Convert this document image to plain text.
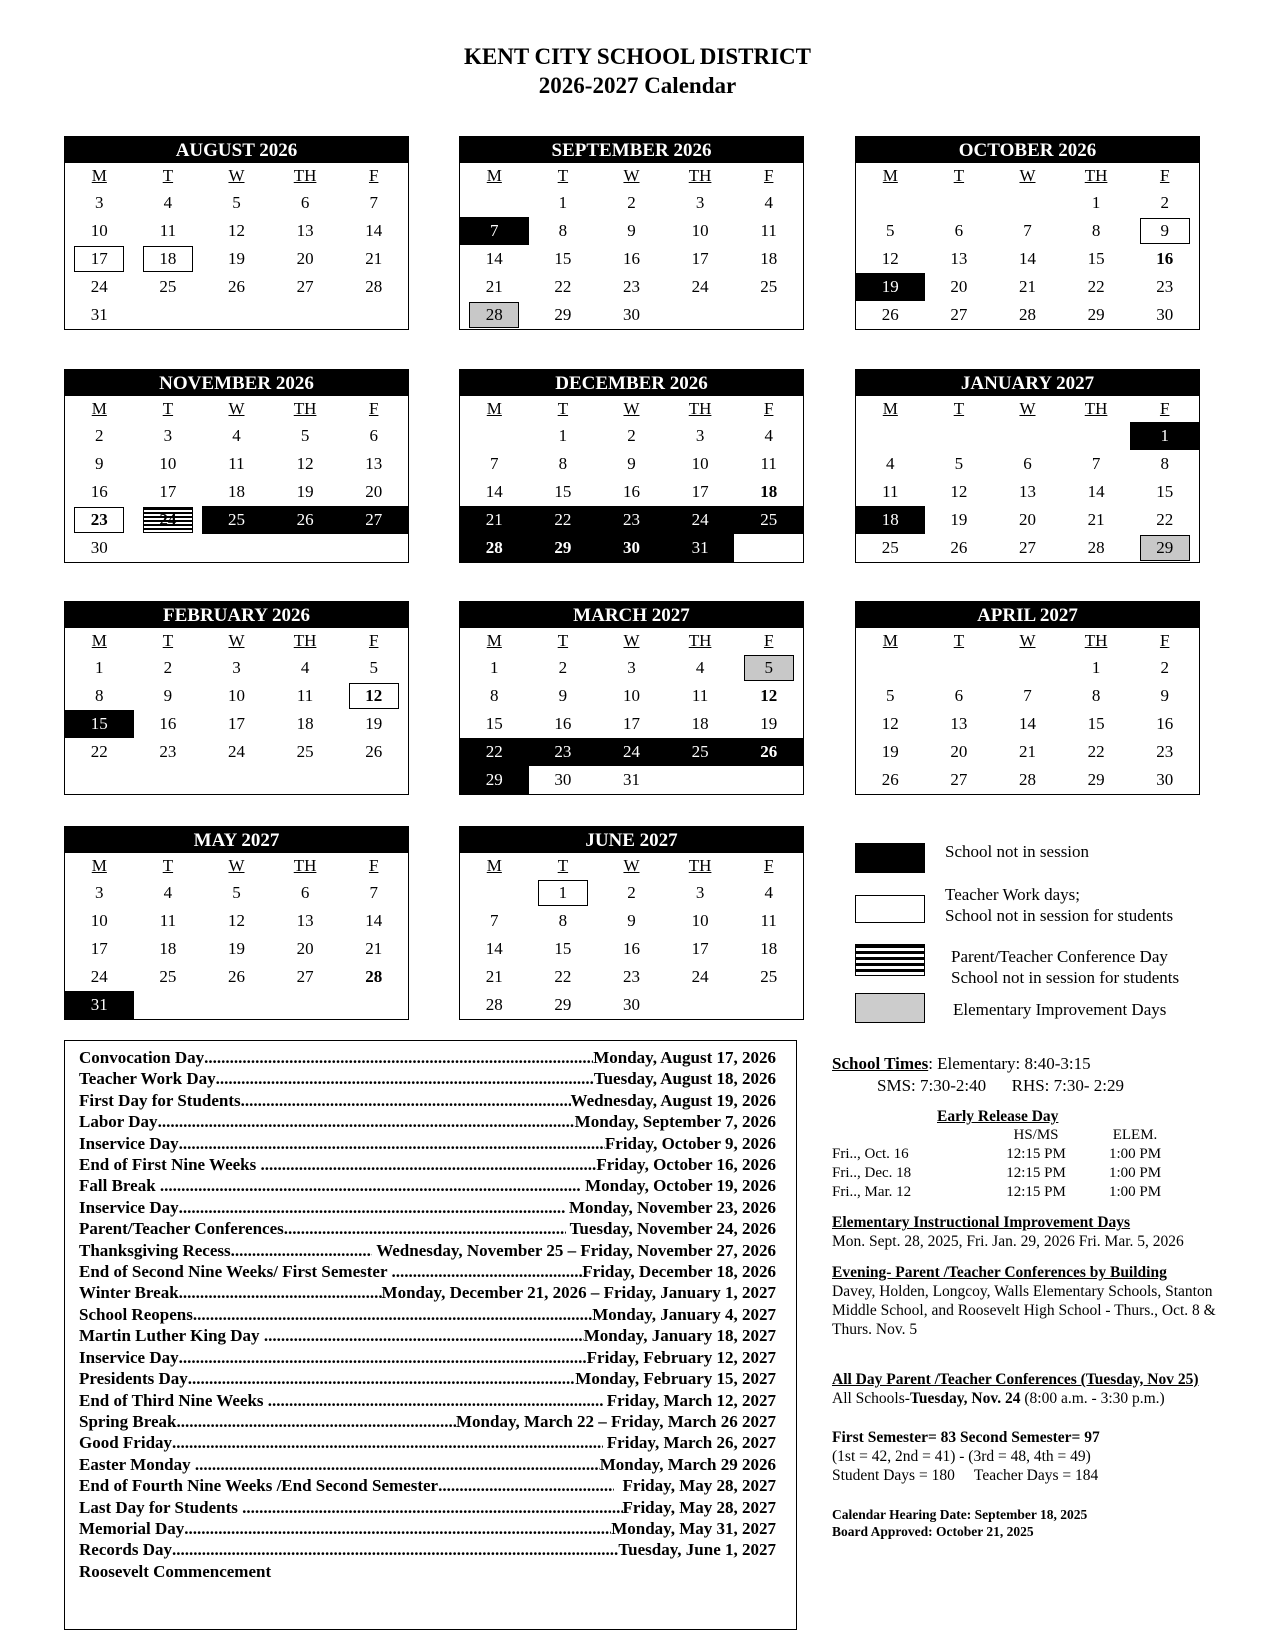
KENT CITY SCHOOL DISTRICT
2026-2027 Calendar
AUGUST 2026
M	T	W	TH	F
3	4	5	6	7
10	11	12	13	14
17	18	19	20	21
24	25	26	27	28
31				
SEPTEMBER 2026
M	T	W	TH	F
	1	2	3	4
7	8	9	10	11
14	15	16	17	18
21	22	23	24	25
28	29	30		
OCTOBER 2026
M	T	W	TH	F
			1	2
5	6	7	8	9
12	13	14	15	16
19	20	21	22	23
26	27	28	29	30
NOVEMBER 2026
M	T	W	TH	F
2	3	4	5	6
9	10	11	12	13
16	17	18	19	20
23	24	25	26	27
30				
DECEMBER 2026
M	T	W	TH	F
	1	2	3	4
7	8	9	10	11
14	15	16	17	18
21	22	23	24	25
28	29	30	31	
JANUARY 2027
M	T	W	TH	F
				1
4	5	6	7	8
11	12	13	14	15
18	19	20	21	22
25	26	27	28	29
FEBRUARY 2026
M	T	W	TH	F
1	2	3	4	5
8	9	10	11	12
15	16	17	18	19
22	23	24	25	26

MARCH 2027
M	T	W	TH	F
1	2	3	4	5
8	9	10	11	12
15	16	17	18	19
22	23	24	25	26
29	30	31		
APRIL 2027
M	T	W	TH	F
			1	2
5	6	7	8	9
12	13	14	15	16
19	20	21	22	23
26	27	28	29	30
MAY 2027
M	T	W	TH	F
3	4	5	6	7
10	11	12	13	14
17	18	19	20	21
24	25	26	27	28
31				
JUNE 2027
M	T	W	TH	F
	1	2	3	4
7	8	9	10	11
14	15	16	17	18
21	22	23	24	25
28	29	30		
School not in session
Teacher Work days;
School not in session for students
Parent/Teacher Conference Day
School not in session for students
Elementary Improvement Days
Convocation Day .....	Monday, August 17, 2026
Teacher Work Day .....	Tuesday, August 18, 2026
First Day for Students .....	Wednesday, August 19, 2026
Labor Day .....	Monday, September 7, 2026
Inservice Day .....	Friday, October 9, 2026
End of First Nine Weeks .....	Friday, October 16, 2026
Fall Break .....	Monday, October 19, 2026
Inservice Day .....	Monday, November 23, 2026
Parent/Teacher Conferences .....	Tuesday, November 24, 2026
Thanksgiving Recess .....	Wednesday, November 25 – Friday, November 27, 2026
End of Second Nine Weeks/ First Semester .....	Friday, December 18, 2026
Winter Break .....	Monday, December 21, 2026 – Friday, January 1, 2027
School Reopens .....	Monday, January 4, 2027
Martin Luther King Day .....	Monday, January 18, 2027
Inservice Day .....	Friday, February 12, 2027
Presidents Day .....	Monday, February 15, 2027
End of Third Nine Weeks .....	Friday, March 12, 2027
Spring Break .....	Monday, March 22 – Friday, March 26 2027
Good Friday .....	Friday, March 26, 2027
Easter Monday .....	Monday, March 29 2026
End of Fourth Nine Weeks /End Second Semester .....	Friday, May 28, 2027
Last Day for Students .....	Friday, May 28, 2027
Memorial Day .....	Monday, May 31, 2027
Records Day .....	Tuesday, June 1, 2027
Roosevelt Commencement
School Times: Elementary: 8:40-3:15
SMS: 7:30-2:40      RHS: 7:30- 2:29
Early Release Day
	HS/MS	ELEM.
Fri.., Oct. 16	12:15 PM	1:00 PM
Fri.., Dec. 18	12:15 PM	1:00 PM
Fri.., Mar. 12	12:15 PM	1:00 PM
Elementary Instructional Improvement Days
Mon. Sept. 28, 2025, Fri. Jan. 29, 2026 Fri. Mar. 5, 2026
Evening- Parent /Teacher Conferences by Building
Davey, Holden, Longcoy, Walls Elementary Schools, Stanton Middle School, and Roosevelt High School - Thurs., Oct. 8 & Thurs. Nov. 5
All Day Parent /Teacher Conferences (Tuesday, Nov 25)
All Schools-Tuesday, Nov. 24 (8:00 a.m. - 3:30 p.m.)
First Semester= 83 Second Semester= 97
(1st = 42, 2nd = 41) - (3rd = 48, 4th = 49)
Student Days = 180     Teacher Days = 184
Calendar Hearing Date: September 18, 2025
Board Approved: October 21, 2025
